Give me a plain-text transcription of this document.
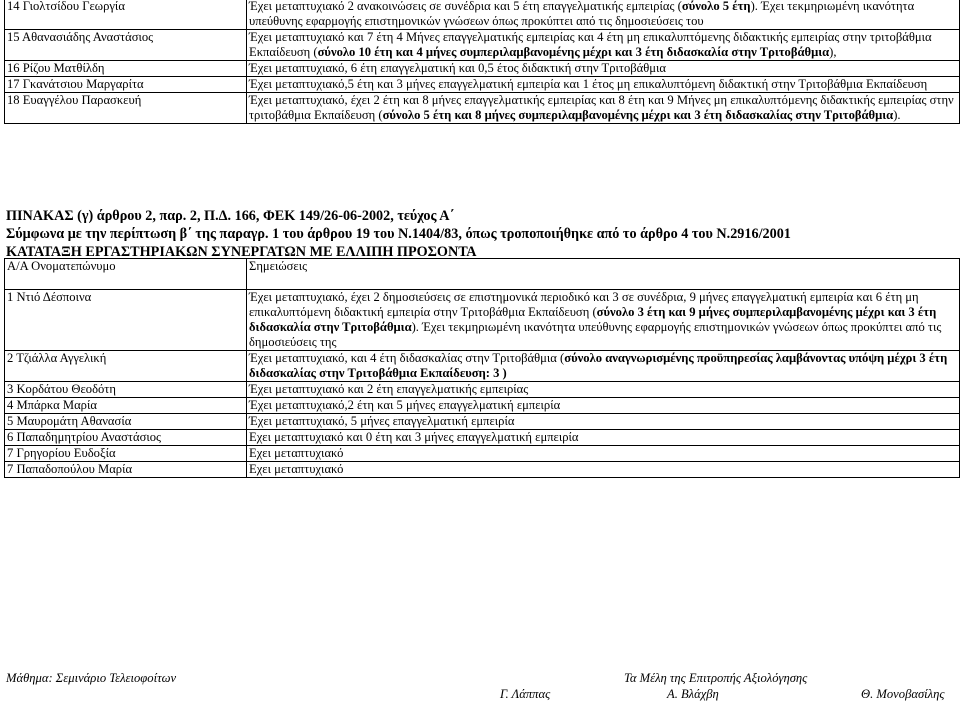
14 Γιολτσίδου Γεωργία	Έχει μεταπτυχιακό 2 ανακοινώσεις σε συνέδρια και 5 έτη επαγγελματικής εμπειρίας (σύνολο 5 έτη). Έχει τεκμηριωμένη ικανότητα υπεύθυνης εφαρμογής επιστημονικών γνώσεων όπως προκύπτει από τις δημοσιεύσεις του
15 Αθανασιάδης Αναστάσιος	Έχει μεταπτυχιακό και 7 έτη 4 Μήνες επαγγελματικής εμπειρίας και 4 έτη μη επικαλυπτόμενης διδακτικής εμπειρίας στην τριτοβάθμια Εκπαίδευση (σύνολο 10 έτη και 4 μήνες συμπεριλαμβανομένης μέχρι και 3 έτη διδασκαλία στην Τριτοβάθμια),
16 Ρίζου Ματθίλδη	Έχει μεταπτυχιακό, 6 έτη επαγγελματική και 0,5 έτος διδακτική στην Τριτοβάθμια
17 Γκανάτσιου Μαργαρίτα	Έχει μεταπτυχιακό,5 έτη και 3 μήνες επαγγελματική εμπειρία και 1 έτος μη επικαλυπτόμενη διδακτική στην Τριτοβάθμια Εκπαίδευση
18 Ευαγγέλου Παρασκευή	Έχει μεταπτυχιακό, έχει 2 έτη και 8 μήνες επαγγελματικής εμπειρίας και 8 έτη και 9 Μήνες μη επικαλυπτόμενης διδακτικής εμπειρίας στην τριτοβάθμια Εκπαίδευση (σύνολο 5 έτη και 8 μήνες συμπεριλαμβανομένης μέχρι και 3 έτη διδασκαλίας στην Τριτοβάθμια).
ΠΙΝΑΚΑΣ (γ) άρθρου 2, παρ. 2, Π.Δ. 166, ΦΕΚ 149/26-06-2002, τεύχος Α΄
Σύμφωνα με την περίπτωση β΄ της παραγρ. 1 του άρθρου 19 του Ν.1404/83, όπως τροποποιήθηκε από το άρθρο 4 του Ν.2916/2001
ΚΑΤΑΤΑΞΗ ΕΡΓΑΣΤΗΡΙΑΚΩΝ ΣΥΝΕΡΓΑΤΩΝ ΜΕ ΕΛΛΙΠΗ ΠΡΟΣΟΝΤΑ
Α/Α Ονοματεπώνυμο	Σημειώσεις
1 Ντιό Δέσποινα	Έχει μεταπτυχιακό, έχει 2 δημοσιεύσεις σε επιστημονικά περιοδικό και 3 σε συνέδρια, 9 μήνες επαγγελματική εμπειρία και 6 έτη μη επικαλυπτόμενη διδακτική εμπειρία στην Τριτοβάθμια Εκπαίδευση (σύνολο 3 έτη και 9 μήνες συμπεριλαμβανομένης μέχρι και 3 έτη διδασκαλία στην Τριτοβάθμια). Έχει τεκμηριωμένη ικανότητα υπεύθυνης εφαρμογής επιστημονικών γνώσεων όπως προκύπτει από τις δημοσιεύσεις της
2 Τζιάλλα Αγγελική	Έχει μεταπτυχιακό, και 4 έτη διδασκαλίας στην Τριτοβάθμια (σύνολο αναγνωρισμένης προϋπηρεσίας λαμβάνοντας υπόψη μέχρι 3 έτη διδασκαλίας στην Τριτοβάθμια Εκπαίδευση: 3 )
3 Κορδάτου Θεοδότη	Έχει μεταπτυχιακό και 2 έτη επαγγελματικής εμπειρίας
4 Μπάρκα Μαρία	Έχει μεταπτυχιακό,2 έτη και 5 μήνες επαγγελματική εμπειρία
5 Μαυρομάτη Αθανασία	Έχει μεταπτυχιακό, 5 μήνες επαγγελματική εμπειρία
6 Παπαδημητρίου Αναστάσιος	Εχει μεταπτυχιακό και 0 έτη και 3 μήνες επαγγελματική εμπειρία
7 Γρηγορίου Ευδοξία	Εχει μεταπτυχιακό
7 Παπαδοπούλου Μαρία	Εχει μεταπτυχιακό
Μάθημα: Σεμινάριο Τελειοφοίτων	Τα Μέλη της Επιτροπής Αξιολόγησης
Γ. Λάππας	Α. Βλάχβη	Θ. Μονοβασίλης
